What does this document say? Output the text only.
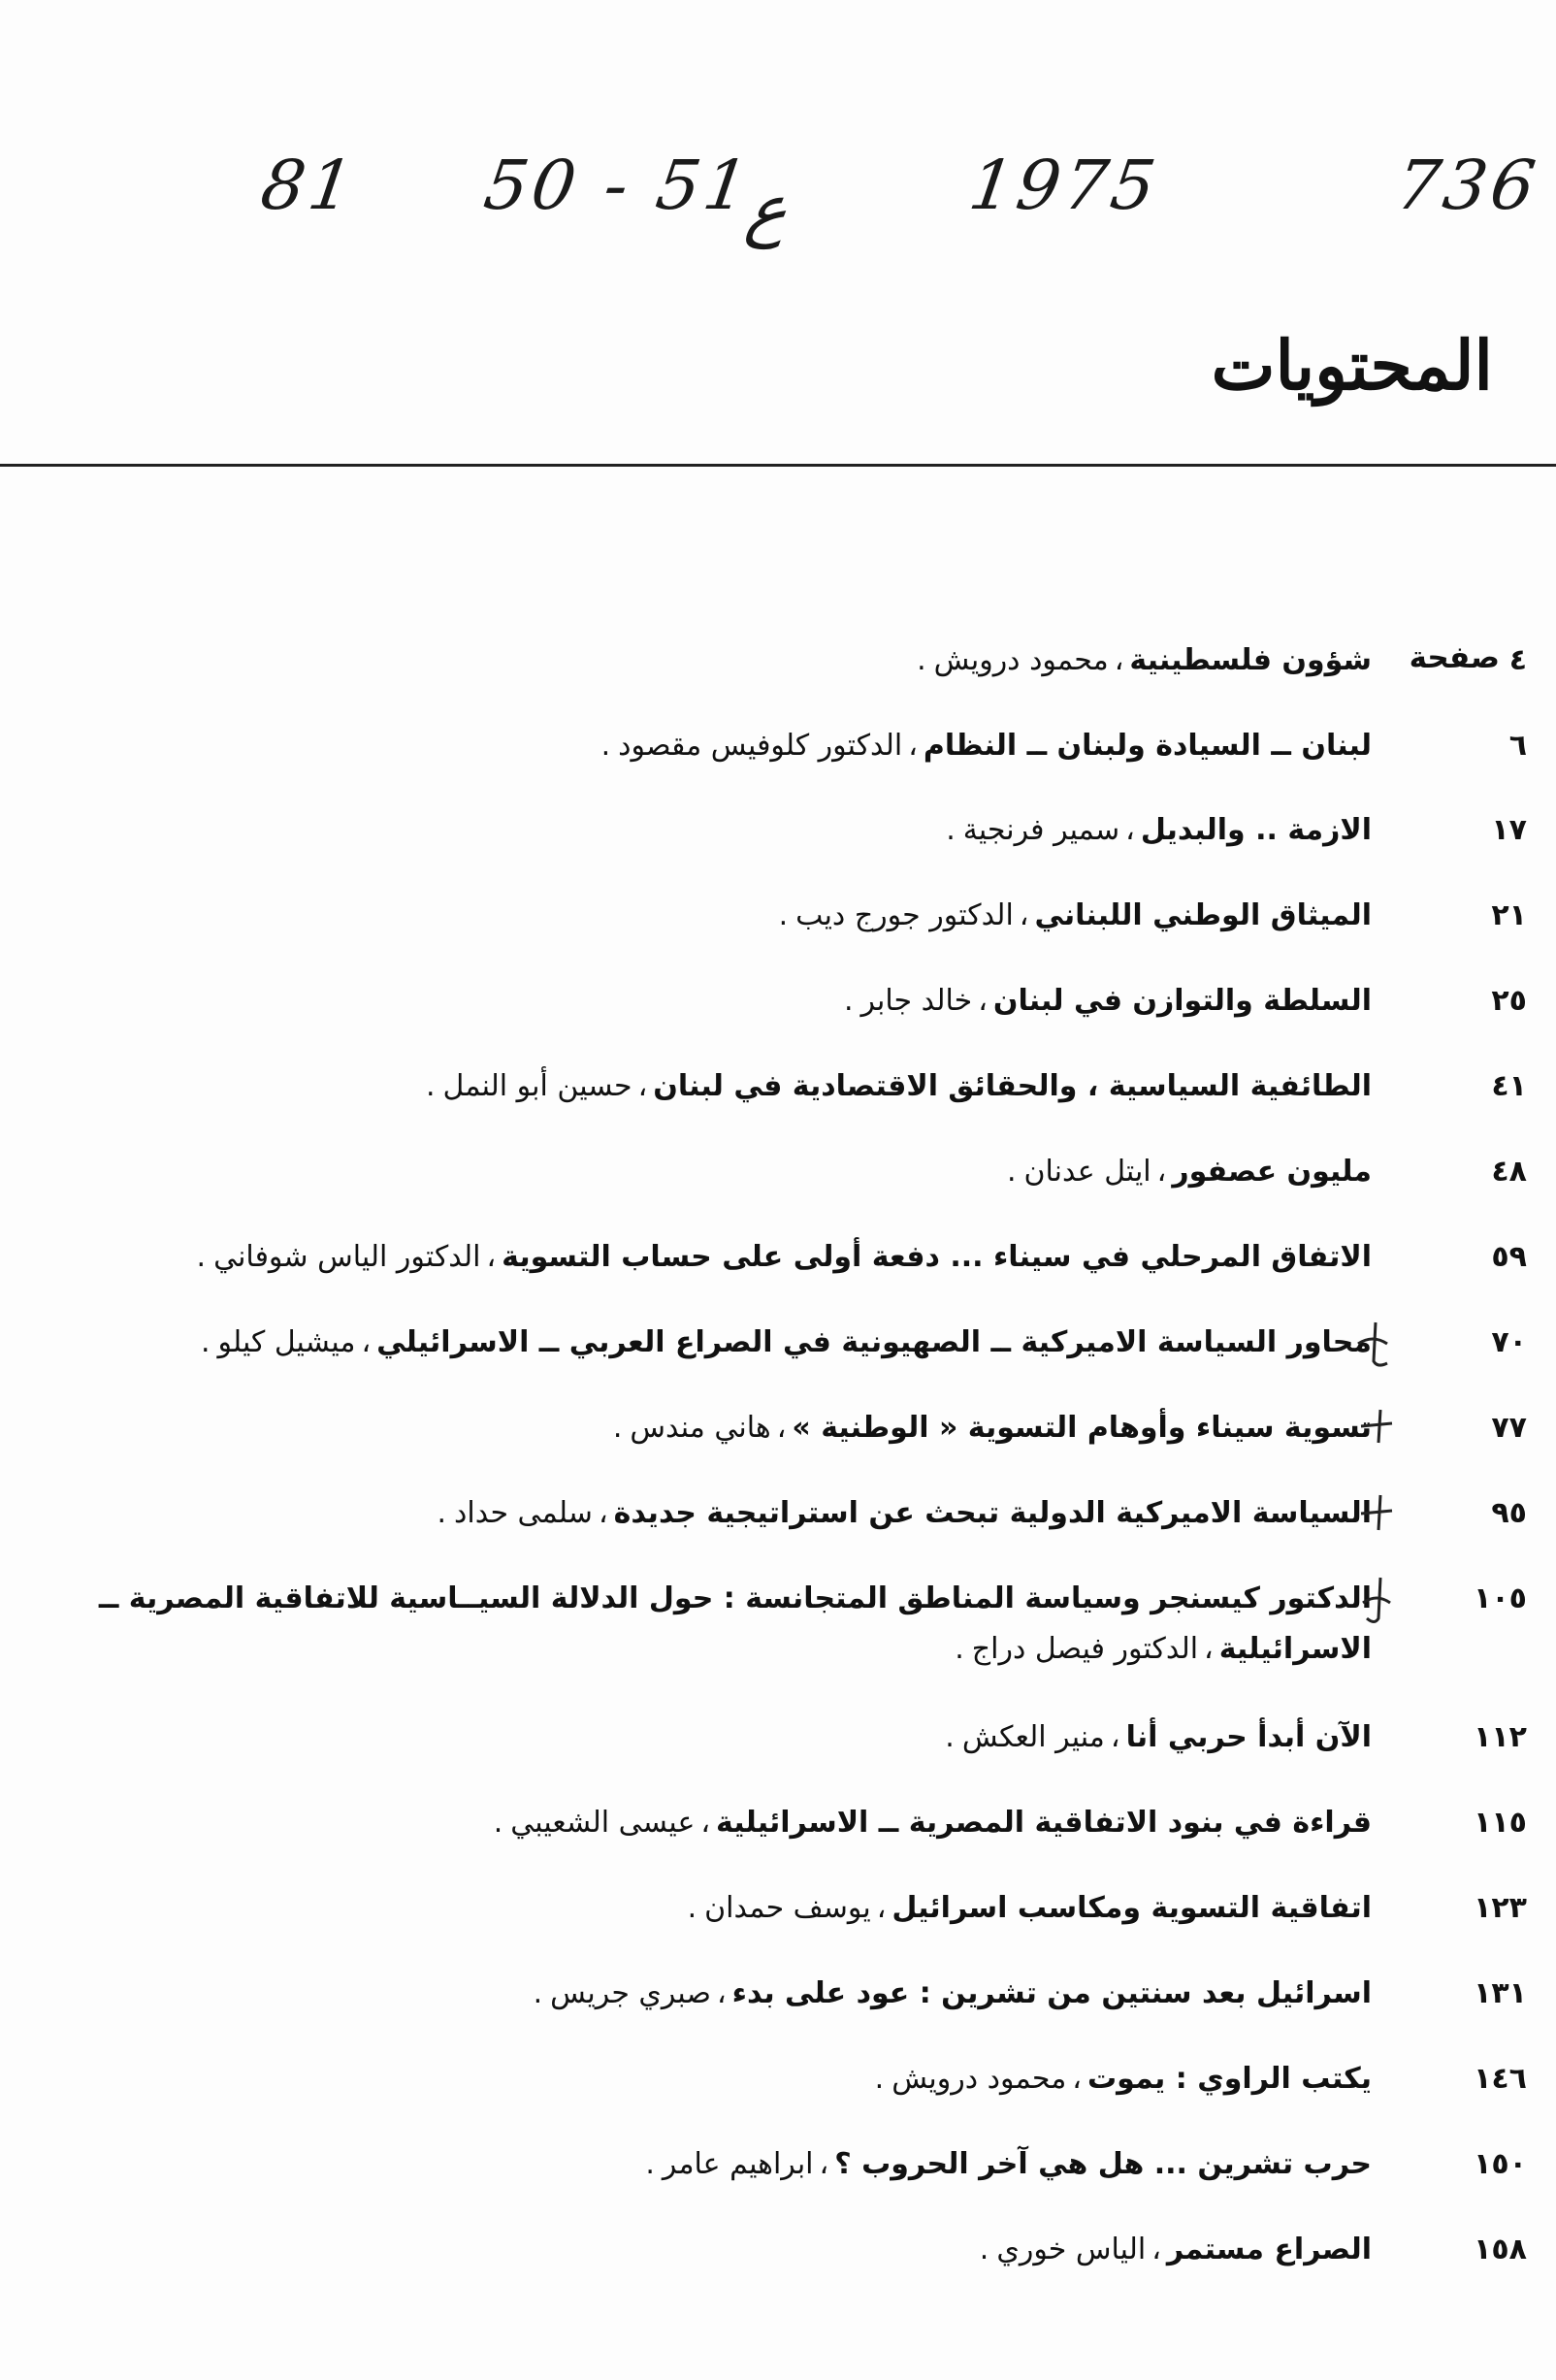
736
1975
ع
50 - 51
81
المحتويات
صفحة ٤
شؤون فلسطينية،محمود درويش.
٦
لبنان ــ السيادة ولبنان ــ النظام،الدكتور كلوفيس مقصود.
١٧
الازمة .. والبديل،سمير فرنجية.
٢١
الميثاق الوطني اللبناني،الدكتور جورج ديب.
٢٥
السلطة والتوازن في لبنان،خالد جابر.
٤١
الطائفية السياسية ، والحقائق الاقتصادية في لبنان،حسين أبو النمل.
٤٨
مليون عصفور،ايتل عدنان.
٥٩
الاتفاق المرحلي في سيناء ... دفعة أولى على حساب التسوية،الدكتور الياس شوفاني.
٧٠
محاور السياسة الاميركية ــ الصهيونية في الصراع العربي ــ الاسرائيلي،ميشيل كيلو.
٧٧
تسوية سيناء وأوهام التسوية « الوطنية »،هاني مندس.
٩٥
السياسة الاميركية الدولية تبحث عن استراتيجية جديدة،سلمى حداد.
١٠٥
الدكتور كيسنجر وسياسة المناطق المتجانسة : حول الدلالة السيــاسية للاتفاقية المصرية ــ الاسرائيلية،الدكتور فيصل دراج.
١١٢
الآن أبدأ حربي أنا،منير العكش.
١١٥
قراءة في بنود الاتفاقية المصرية ــ الاسرائيلية،عيسى الشعيبي.
١٢٣
اتفاقية التسوية ومكاسب اسرائيل،يوسف حمدان.
١٣١
اسرائيل بعد سنتين من تشرين : عود على بدء،صبري جريس.
١٤٦
يكتب الراوي : يموت،محمود درويش.
١٥٠
حرب تشرين ... هل هي آخر الحروب ؟،ابراهيم عامر.
١٥٨
الصراع مستمر،الياس خوري.
